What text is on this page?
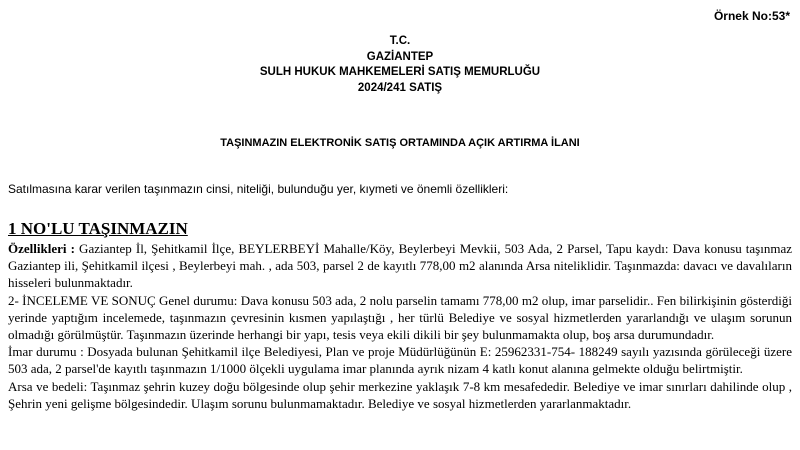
Örnek No:53*
T.C.
GAZİANTEP
SULH HUKUK MAHKEMELERİ SATIŞ MEMURLUĞU
2024/241 SATIŞ
TAŞINMAZIN ELEKTRONİK SATIŞ ORTAMINDA AÇIK ARTIRMA İLANI
Satılmasına karar verilen taşınmazın cinsi, niteliği, bulunduğu yer, kıymeti ve önemli özellikleri:
1 NO'LU TAŞINMAZIN

Özellikleri : Gaziantep İl, Şehitkamil İlçe, BEYLERBEYİ Mahalle/Köy, Beylerbeyi Mevkii, 503 Ada, 2 Parsel, Tapu kaydı: Dava konusu taşınmaz Gaziantep ili, Şehitkamil ilçesi , Beylerbeyi mah. , ada 503, parsel 2 de kayıtlı 778,00 m2 alanında Arsa niteliklidir. Taşınmazda: davacı ve davalıların hisseleri bulunmaktadır.

2- İNCELEME VE SONUÇ Genel durumu: Dava konusu 503 ada, 2 nolu parselin tamamı 778,00 m2 olup, imar parselidir.. Fen bilirkişinin gösterdiği yerinde yaptığım incelemede, taşınmazın çevresinin kısmen yapılaştığı , her türlü Belediye ve sosyal hizmetlerden yararlandığı ve ulaşım sorunun olmadığı görülmüştür. Taşınmazın üzerinde herhangi bir yapı, tesis veya ekili dikili bir şey bulunmamakta olup, boş arsa durumundadır.

İmar durumu : Dosyada bulunan Şehitkamil ilçe Belediyesi, Plan ve proje Müdürlüğünün E: 25962331-754- 188249 sayılı yazısında görüleceği üzere 503 ada, 2 parsel'de kayıtlı taşınmazın 1/1000 ölçekli uygulama imar planında ayrık nizam 4 katlı konut alanına gelmekte olduğu belirtmiştir.

Arsa ve bedeli: Taşınmaz şehrin kuzey doğu bölgesinde olup şehir merkezine yaklaşık 7-8 km mesafededir. Belediye ve imar sınırları dahilinde olup , Şehrin yeni gelişme bölgesindedir. Ulaşım sorunu bulunmamaktadır. Belediye ve sosyal hizmetlerden yararlanmaktadır.
